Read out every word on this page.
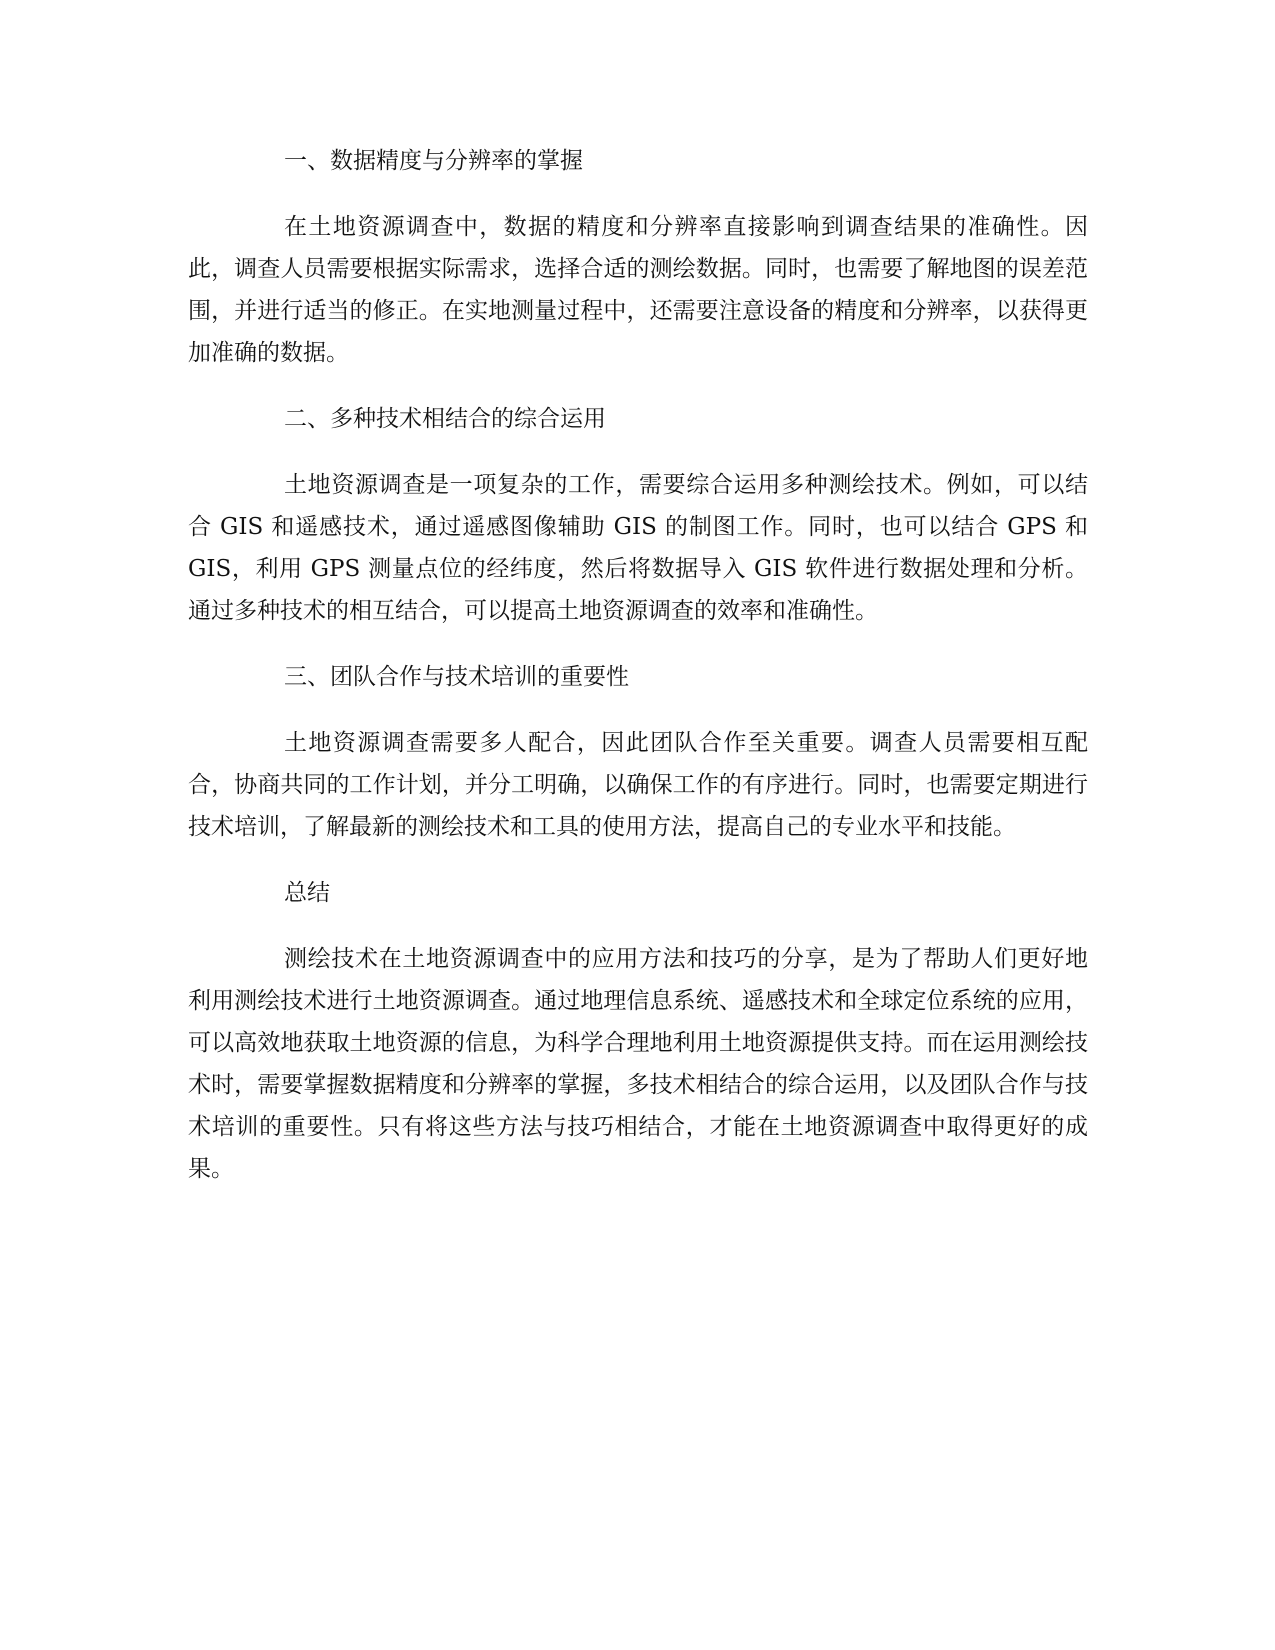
一、数据精度与分辨率的掌握

在土地资源调查中，数据的精度和分辨率直接影响到调查结果的准确性。因此，调查人员需要根据实际需求，选择合适的测绘数据。同时，也需要了解地图的误差范围，并进行适当的修正。在实地测量过程中，还需要注意设备的精度和分辨率，以获得更加准确的数据。

二、多种技术相结合的综合运用

土地资源调查是一项复杂的工作，需要综合运用多种测绘技术。例如，可以结合 GIS 和遥感技术，通过遥感图像辅助 GIS 的制图工作。同时，也可以结合 GPS 和 GIS，利用 GPS 测量点位的经纬度，然后将数据导入 GIS 软件进行数据处理和分析。通过多种技术的相互结合，可以提高土地资源调查的效率和准确性。

三、团队合作与技术培训的重要性

土地资源调查需要多人配合，因此团队合作至关重要。调查人员需要相互配合，协商共同的工作计划，并分工明确，以确保工作的有序进行。同时，也需要定期进行技术培训，了解最新的测绘技术和工具的使用方法，提高自己的专业水平和技能。

总结

测绘技术在土地资源调查中的应用方法和技巧的分享，是为了帮助人们更好地利用测绘技术进行土地资源调查。通过地理信息系统、遥感技术和全球定位系统的应用，可以高效地获取土地资源的信息，为科学合理地利用土地资源提供支持。而在运用测绘技术时，需要掌握数据精度和分辨率的掌握，多技术相结合的综合运用，以及团队合作与技术培训的重要性。只有将这些方法与技巧相结合，才能在土地资源调查中取得更好的成果。
